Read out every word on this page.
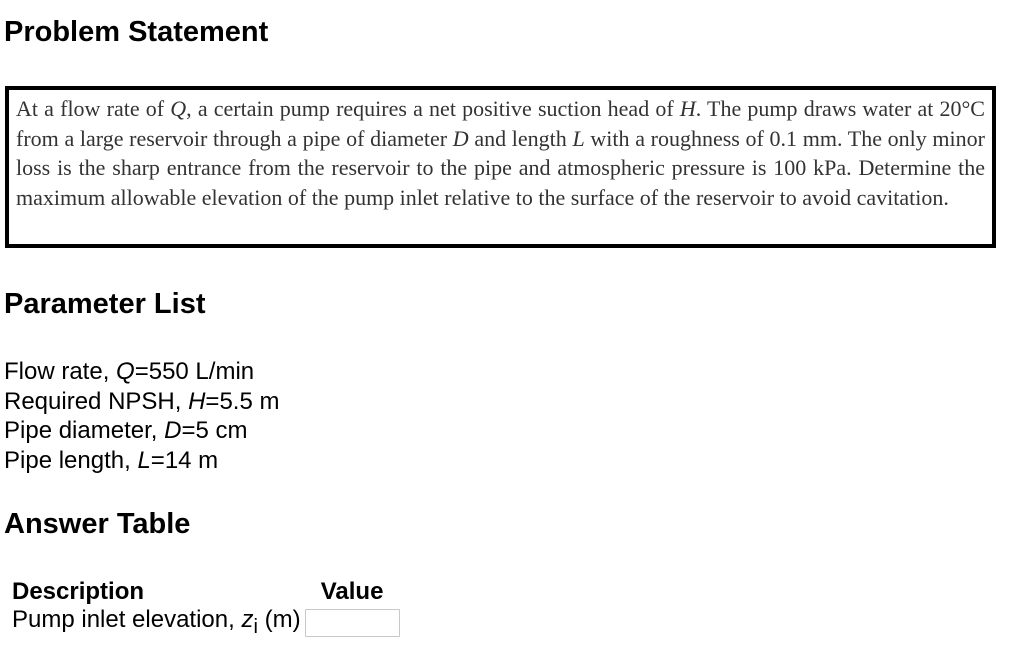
Problem Statement

At a flow rate of Q, a certain pump requires a net positive suction head of H. The pump draws water at 20°C from a large reservoir through a pipe of diameter D and length L with a roughness of 0.1 mm. The only minor loss is the sharp entrance from the reservoir to the pipe and atmospheric pressure is 100 kPa. Determine the maximum allowable elevation of the pump inlet relative to the surface of the reservoir to avoid cavitation.

Parameter List
Flow rate, Q=550 L/min
Required NPSH, H=5.5 m
Pipe diameter, D=5 cm
Pipe length, L=14 m
Answer Table
Description	Value
Pump inlet elevation, $z_i$ (m)	
